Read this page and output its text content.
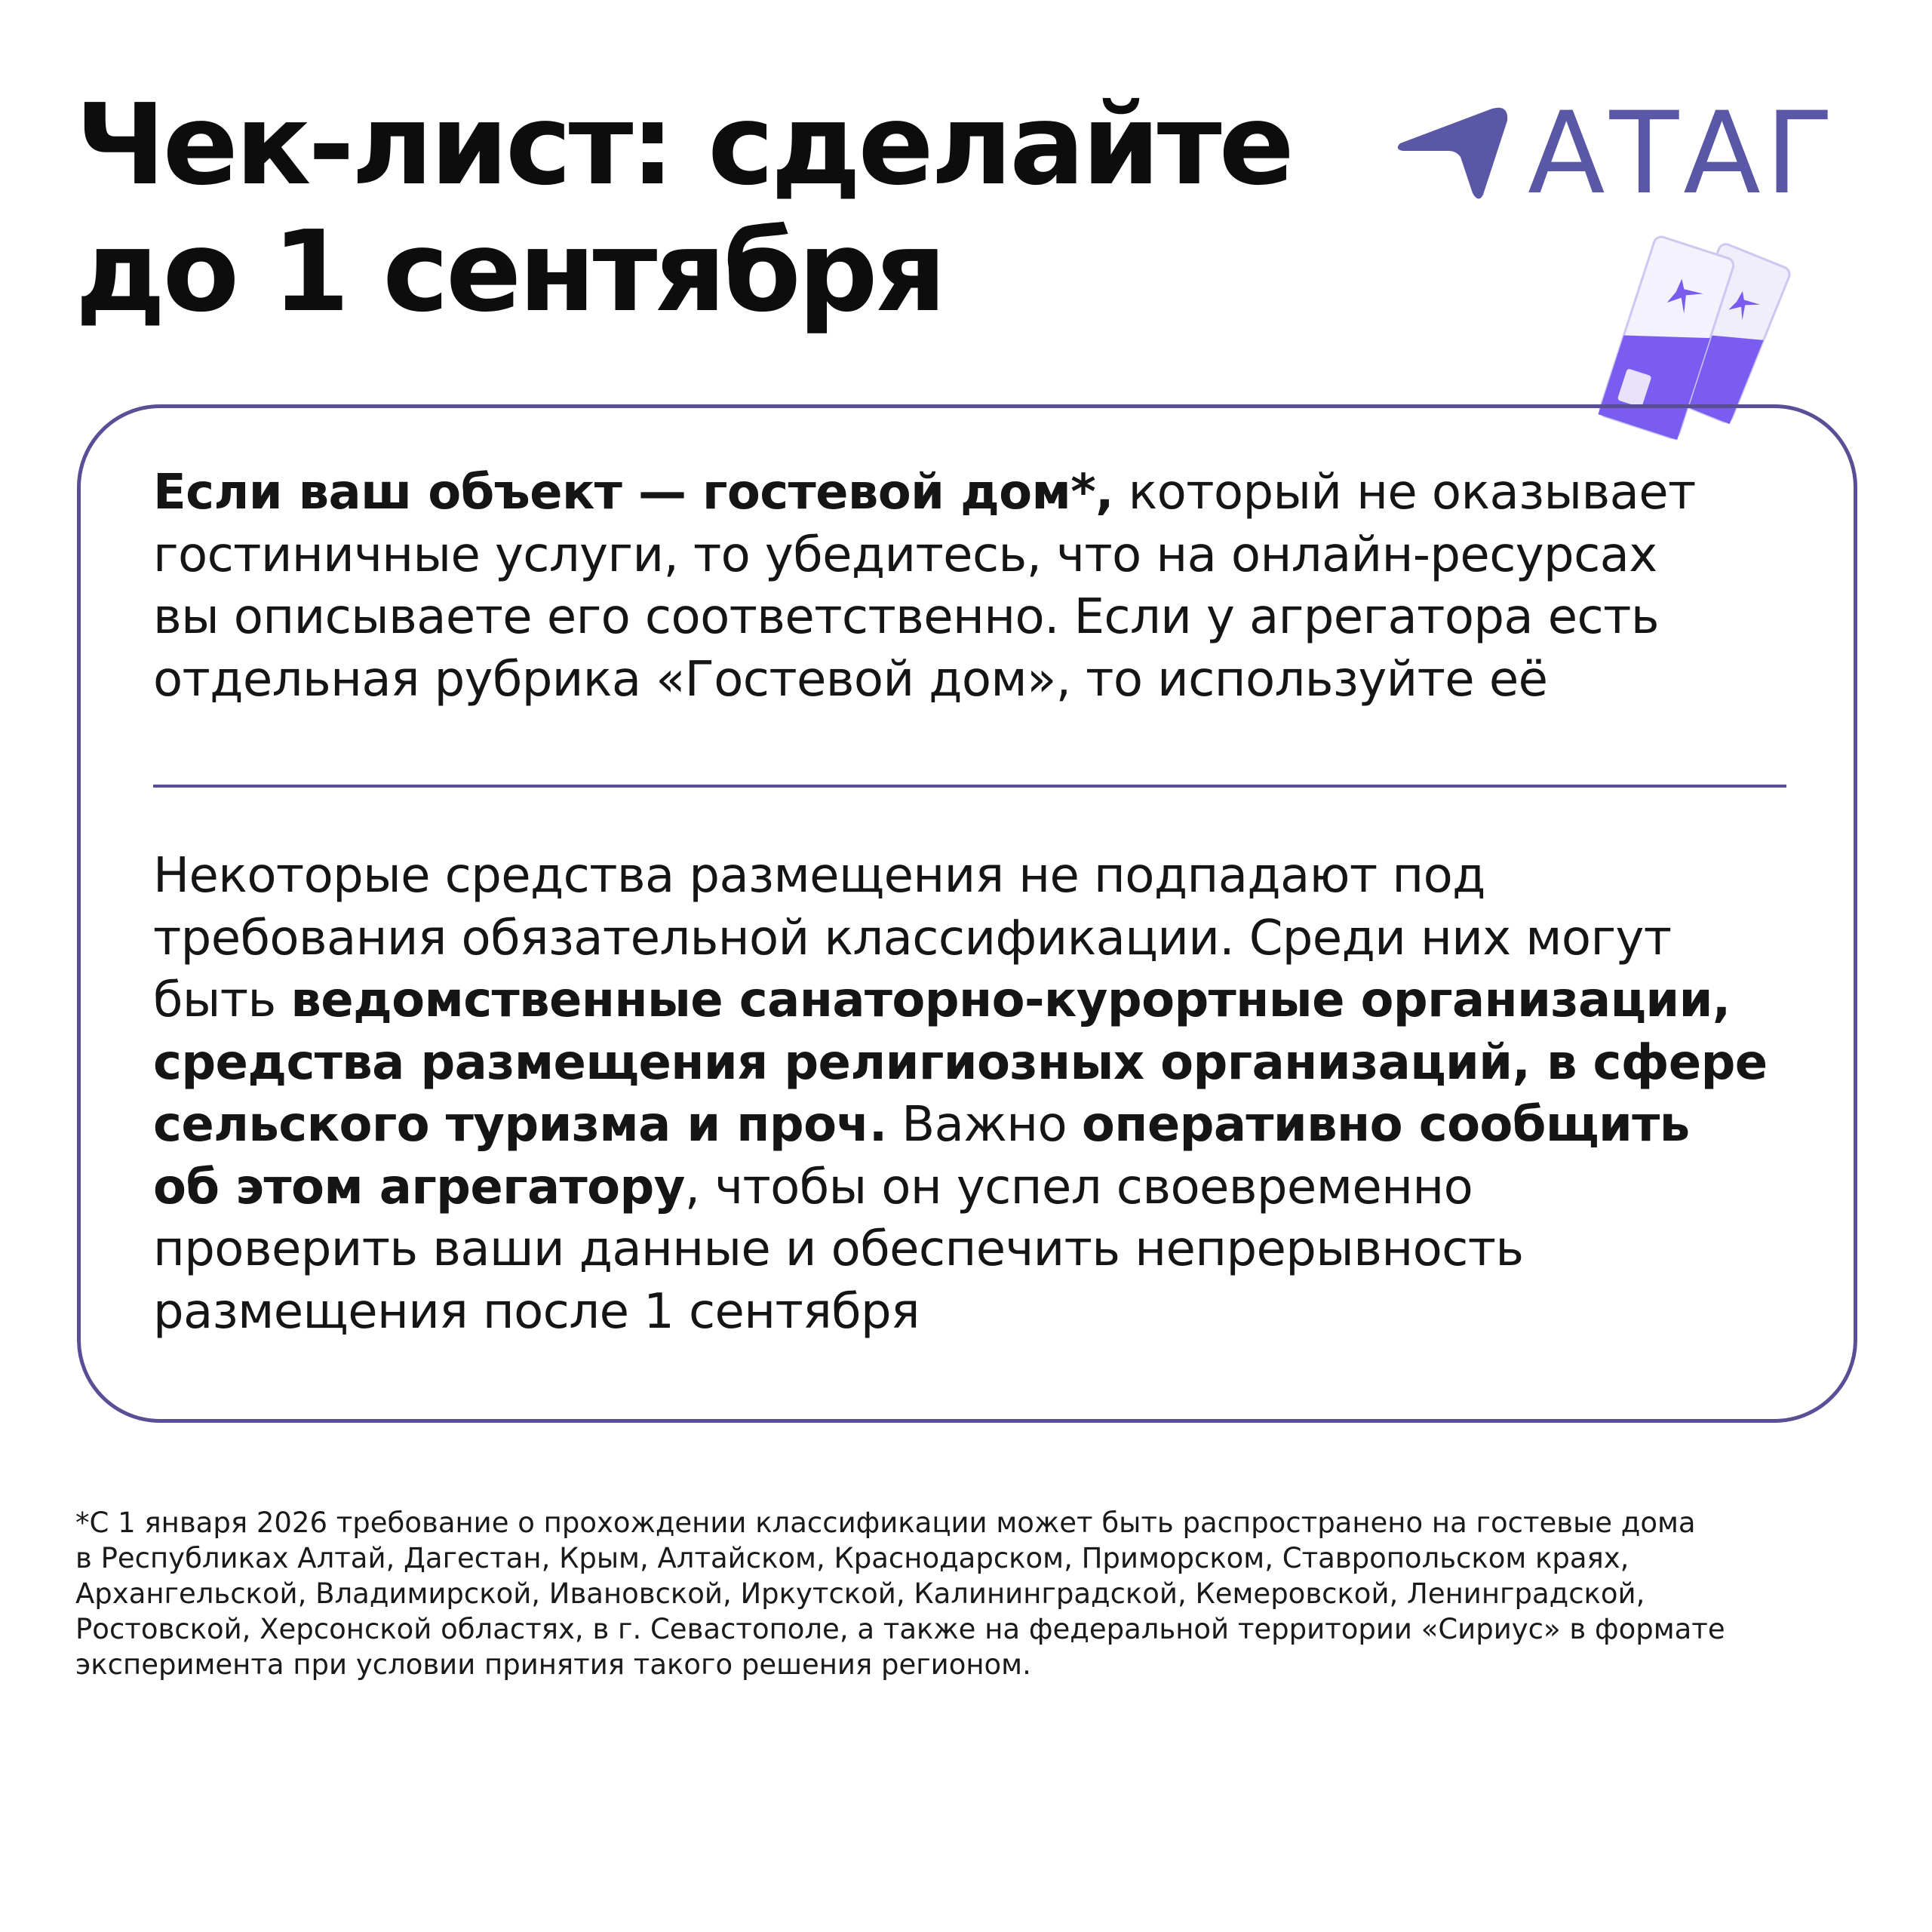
Чек-лист: сделайте
до 1 сентября
АТАГ

Если ваш объект — гостевой дом*, который не оказывает
гостиничные услуги, то убедитесь, что на онлайн-ресурсах
вы описываете его соответственно. Если у агрегатора есть
отдельная рубрика «Гостевой дом», то используйте её

Некоторые средства размещения не подпадают под
требования обязательной классификации. Среди них могут
быть ведомственные санаторно-курортные организации,
средства размещения религиозных организаций, в сфере
сельского туризма и проч. Важно оперативно сообщить
об этом агрегатору, чтобы он успел своевременно
проверить ваши данные и обеспечить непрерывность
размещения после 1 сентября

*С 1 января 2026 требование о прохождении классификации может быть распространено на гостевые дома
в Республиках Алтай, Дагестан, Крым, Алтайском, Краснодарском, Приморском, Ставропольском краях,
Архангельской, Владимирской, Ивановской, Иркутской, Калининградской, Кемеровской, Ленинградской,
Ростовской, Херсонской областях, в г. Севастополе, а также на федеральной территории «Сириус» в формате
эксперимента при условии принятия такого решения регионом.
